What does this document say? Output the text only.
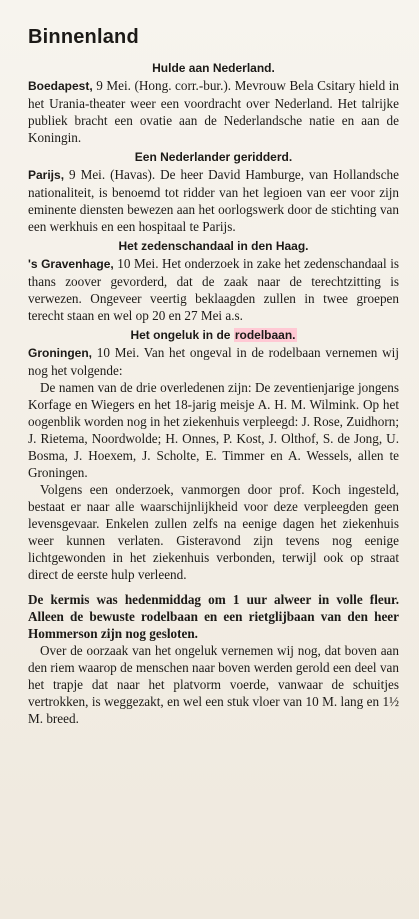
Binnenland
Hulde aan Nederland.

Boedapest, 9 Mei. (Hong. corr.-bur.). Mevrouw Bela Csitary hield in het Urania-theater weer een voordracht over Nederland. Het talrijke publiek bracht een ovatie aan de Nederlandsche natie en aan de Koningin.

Een Nederlander geridderd.

Parijs, 9 Mei. (Havas). De heer David Hamburge, van Hollandsche nationaliteit, is benoemd tot ridder van het legioen van eer voor zijn eminente diensten bewezen aan het oorlogswerk door de stichting van een werkhuis en een hospitaal te Parijs.

Het zedenschandaal in den Haag.

's Gravenhage, 10 Mei. Het onderzoek in zake het zedenschandaal is thans zoover gevorderd, dat de zaak naar de terechtzitting is verwezen. Ongeveer veertig beklaagden zullen in twee groepen terecht staan en wel op 20 en 27 Mei a.s.

Het ongeluk in de rodelbaan.

Groningen, 10 Mei. Van het ongeval in de rodelbaan vernemen wij nog het volgende:

De namen van de drie overledenen zijn: De zeventienjarige jongens Korfage en Wiegers en het 18-jarig meisje A. H. M. Wilmink. Op het oogenblik worden nog in het ziekenhuis verpleegd: J. Rose, Zuidhorn; J. Rietema, Noordwolde; H. Onnes, P. Kost, J. Olthof, S. de Jong, U. Bosma, J. Hoexem, J. Scholte, E. Timmer en A. Wessels, allen te Groningen.

Volgens een onderzoek, vanmorgen door prof. Koch ingesteld, bestaat er naar alle waarschijnlijkheid voor deze verpleegden geen levensgevaar. Enkelen zullen zelfs na eenige dagen het ziekenhuis weer kunnen verlaten. Gisteravond zijn tevens nog eenige lichtgewonden in het ziekenhuis verbonden, terwijl ook op straat direct de eerste hulp verleend.

De kermis was hedenmiddag om 1 uur alweer in volle fleur. Alleen de bewuste rodelbaan en een rietglijbaan van den heer Hommerson zijn nog gesloten.

Over de oorzaak van het ongeluk vernemen wij nog, dat boven aan den riem waarop de menschen naar boven werden gerold een deel van het trapje dat naar het platvorm voerde, vanwaar de schuitjes vertrokken, is weggezakt, en wel een stuk vloer van 10 M. lang en 1½ M. breed.
